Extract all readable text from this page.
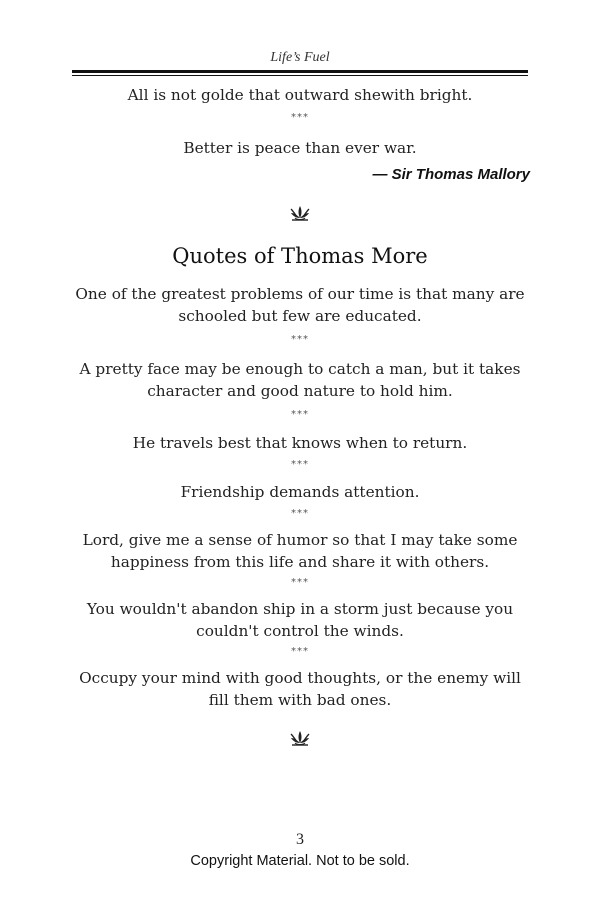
Life’s Fuel

All is not golde that outward shewith bright.

***

Better is peace than ever war.

— Sir Thomas Mallory
Quotes of Thomas More

One of the greatest problems of our time is that many are schooled but few are educated.

***

A pretty face may be enough to catch a man, but it takes character and good nature to hold him.

***

He travels best that knows when to return.

***

Friendship demands attention.

***

Lord, give me a sense of humor so that I may take some happiness from this life and share it with others.

***

You wouldn't abandon ship in a storm just because you couldn't control the winds.

***

Occupy your mind with good thoughts, or the enemy will fill them with bad ones.

3
Copyright Material. Not to be sold.
